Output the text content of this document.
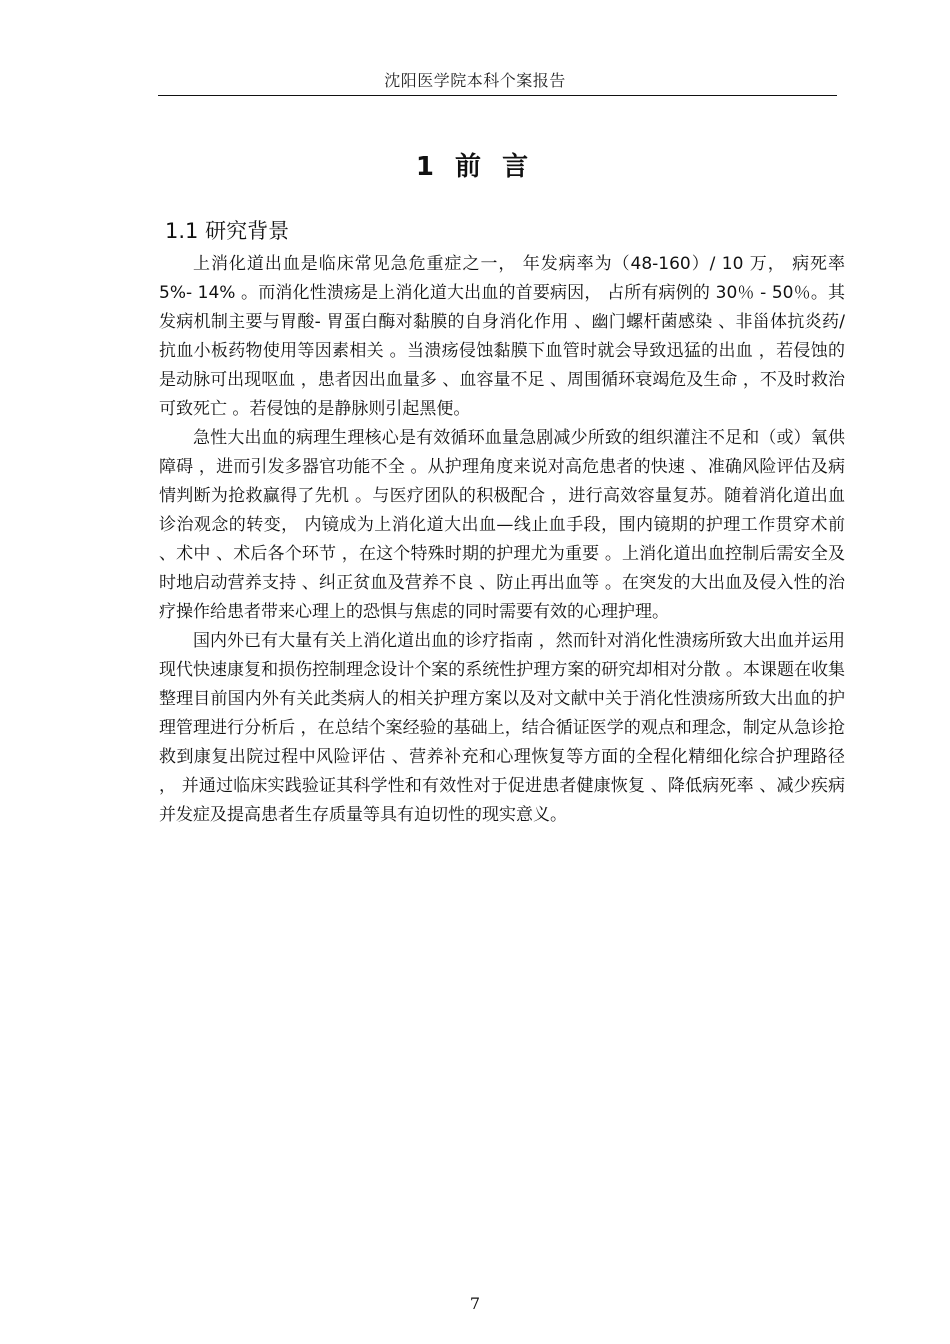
沈阳医学院本科个案报告
1 前 言
1.1 研究背景

上消化道出血是临床常见急危重症之一， 年发病率为（48-160）/ 10 万， 病死率 5%- 14% 。而消化性溃疡是上消化道大出血的首要病因， 占所有病例的 30％ - 50％。其发病机制主要与胃酸- 胃蛋白酶对黏膜的自身消化作用 、幽门螺杆菌感染 、非甾体抗炎药/抗血小板药物使用等因素相关 。当溃疡侵蚀黏膜下血管时就会导致迅猛的出血 ，若侵蚀的是动脉可出现呕血 ，患者因出血量多 、血容量不足 、周围循环衰竭危及生命 ，不及时救治可致死亡 。若侵蚀的是静脉则引起黑便。

急性大出血的病理生理核心是有效循环血量急剧减少所致的组织灌注不足和（或）氧供障碍 ，进而引发多器官功能不全 。从护理角度来说对高危患者的快速 、准确风险评估及病情判断为抢救赢得了先机 。与医疗团队的积极配合 ，进行高效容量复苏。随着消化道出血诊治观念的转变， 内镜成为上消化道大出血—线止血手段，围内镜期的护理工作贯穿术前 、术中 、术后各个环节 ，在这个特殊时期的护理尤为重要 。上消化道出血控制后需安全及时地启动营养支持 、纠正贫血及营养不良 、防止再出血等 。在突发的大出血及侵入性的治疗操作给患者带来心理上的恐惧与焦虑的同时需要有效的心理护理。

国内外已有大量有关上消化道出血的诊疗指南 ，然而针对消化性溃疡所致大出血并运用现代快速康复和损伤控制理念设计个案的系统性护理方案的研究却相对分散 。本课题在收集整理目前国内外有关此类病人的相关护理方案以及对文献中关于消化性溃疡所致大出血的护理管理进行分析后 ，在总结个案经验的基础上，结合循证医学的观点和理念，制定从急诊抢救到康复出院过程中风险评估 、营养补充和心理恢复等方面的全程化精细化综合护理路径 ， 并通过临床实践验证其科学性和有效性对于促进患者健康恢复 、降低病死率 、减少疾病并发症及提高患者生存质量等具有迫切性的现实意义。

7
